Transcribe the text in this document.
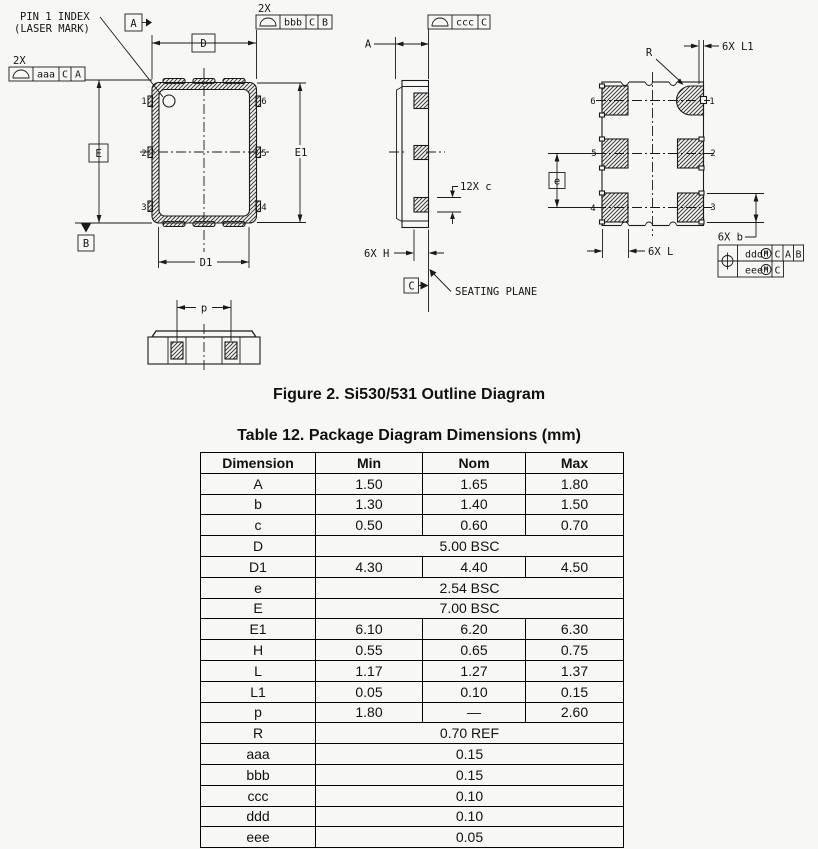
PIN 1 INDEX
(LASER MARK)
1
2
3
6
5
4
2X
aaa C A
2X
bbb C B
A
D
E
B
D1
E1
A
ccc C
12X c
6X H
C	SEATING PLANE
6
5
4
1
2
3
R	6X L1
e
6X L
6X b
ddd M C A B
eee M C
p
Figure 2. Si530/531 Outline Diagram
Table 12. Package Diagram Dimensions (mm)
Dimension	Min	Nom	Max
A	1.50	1.65	1.80
b	1.30	1.40	1.50
c	0.50	0.60	0.70
D	5.00 BSC		
D1	4.30	4.40	4.50
e	2.54 BSC		
E	7.00 BSC		
E1	6.10	6.20	6.30
H	0.55	0.65	0.75
L	1.17	1.27	1.37
L1	0.05	0.10	0.15
p	1.80	—	2.60
R	0.70 REF		
aaa	0.15		
bbb	0.15		
ccc	0.10		
ddd	0.10		
eee	0.05		
